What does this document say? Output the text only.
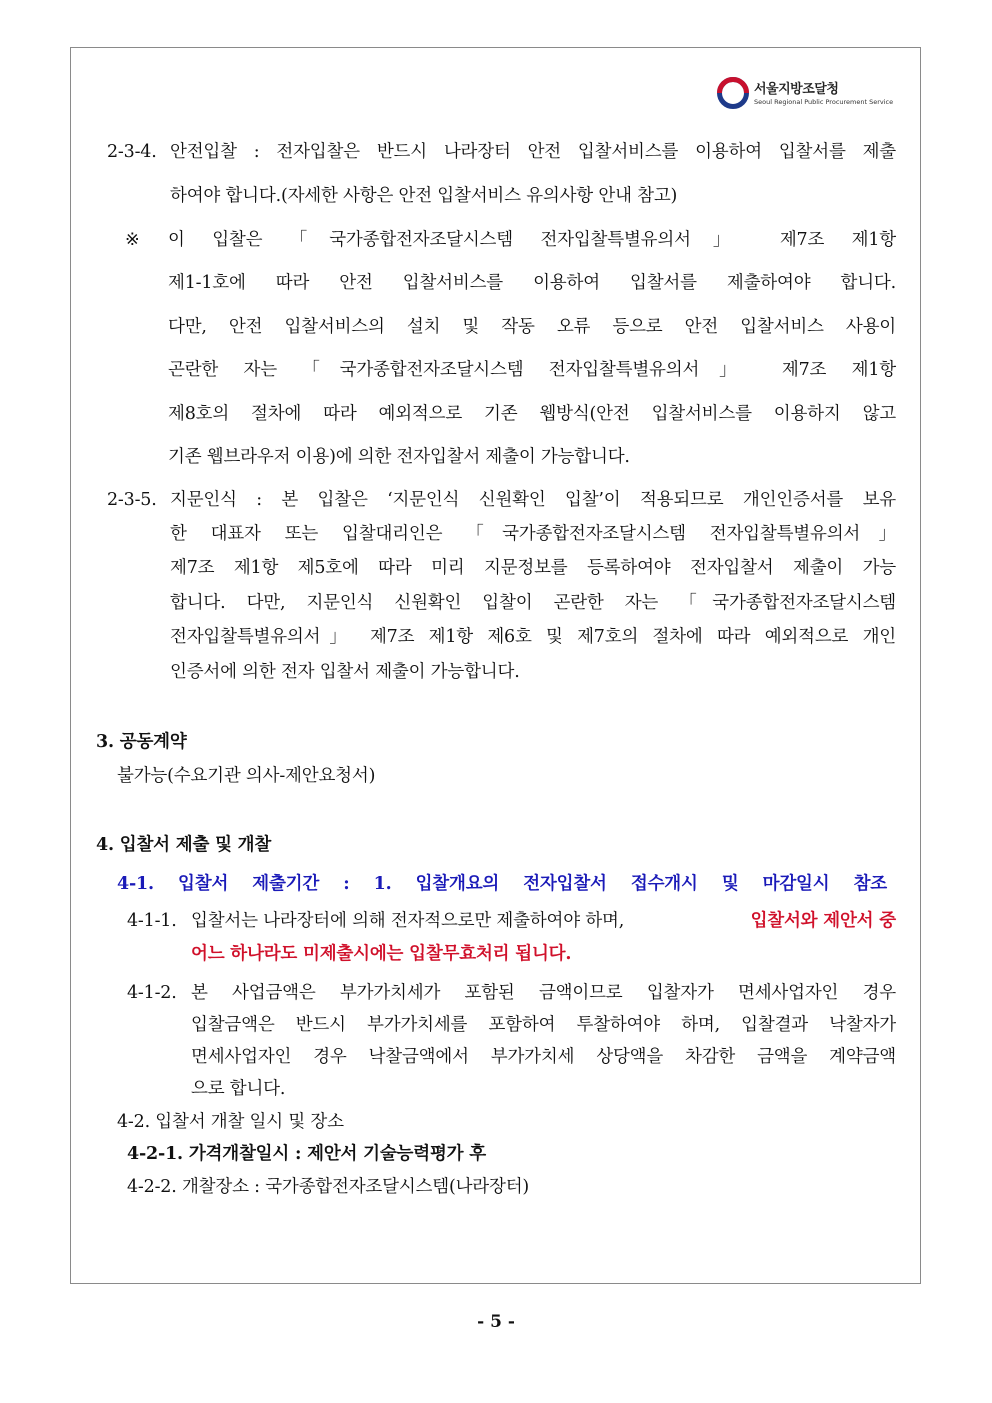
서울지방조달청
Seoul Regional Public Procurement Service
2-3-4. 안전입찰 : 전자입찰은 반드시 나라장터 안전 입찰서비스를 이용하여 입찰서를 제출
하여야 합니다.(자세한 사항은 안전 입찰서비스 유의사항 안내 참고)
※ 이 입찰은 「국가종합전자조달시스템 전자입찰특별유의서」 제7조 제1항
제1-1호에 따라 안전 입찰서비스를 이용하여 입찰서를 제출하여야 합니다.
다만, 안전 입찰서비스의 설치 및 작동 오류 등으로 안전 입찰서비스 사용이
곤란한 자는 「국가종합전자조달시스템 전자입찰특별유의서」 제7조 제1항
제8호의 절차에 따라 예외적으로 기존 웹방식(안전 입찰서비스를 이용하지 않고
기존 웹브라우저 이용)에 의한 전자입찰서 제출이 가능합니다.
2-3-5. 지문인식 : 본 입찰은 ‘지문인식 신원확인 입찰’이 적용되므로 개인인증서를 보유
한 대표자 또는 입찰대리인은 「국가종합전자조달시스템 전자입찰특별유의서」
제7조 제1항 제5호에 따라 미리 지문정보를 등록하여야 전자입찰서 제출이 가능
합니다. 다만, 지문인식 신원확인 입찰이 곤란한 자는 「국가종합전자조달시스템
전자입찰특별유의서」 제7조 제1항 제6호 및 제7호의 절차에 따라 예외적으로 개인
인증서에 의한 전자 입찰서 제출이 가능합니다.
3. 공동계약
불가능(수요기관 의사-제안요청서)
4. 입찰서 제출 및 개찰
4-1. 입찰서 제출기간 : 1. 입찰개요의 전자입찰서 접수개시 및 마감일시 참조
4-1-1. 입찰서는 나라장터에 의해 전자적으로만 제출하여야 하며,	입찰서와 제안서 중
어느 하나라도 미제출시에는 입찰무효처리 됩니다.
4-1-2. 본 사업금액은 부가가치세가 포함된 금액이므로 입찰자가 면세사업자인 경우
입찰금액은 반드시 부가가치세를 포함하여 투찰하여야 하며, 입찰결과 낙찰자가
면세사업자인 경우 낙찰금액에서 부가가치세 상당액을 차감한 금액을 계약금액
으로 합니다.
4-2. 입찰서 개찰 일시 및 장소
4-2-1. 가격개찰일시 : 제안서 기술능력평가 후
4-2-2. 개찰장소 : 국가종합전자조달시스템(나라장터)
- 5 -
